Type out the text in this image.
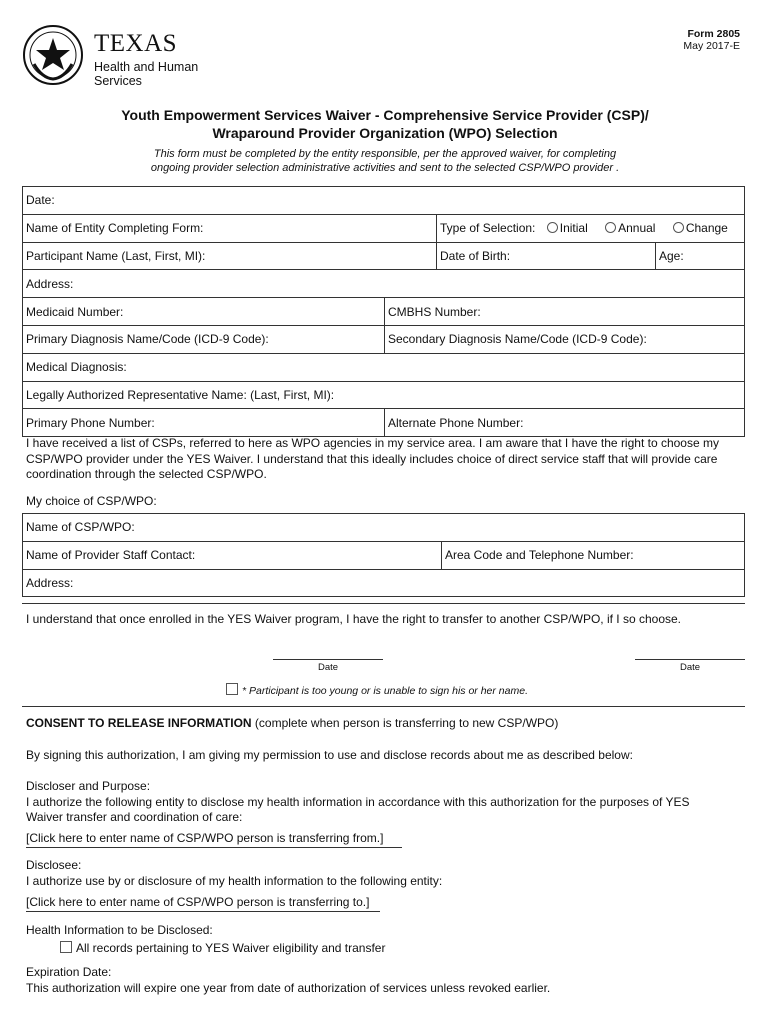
TEXAS
Health and Human
Services
Form 2805
May 2017-E
Youth Empowerment Services Waiver - Comprehensive Service Provider (CSP)/
Wraparound Provider Organization (WPO) Selection
This form must be completed by the entity responsible, per the approved waiver, for completing
ongoing provider selection administrative activities and sent to the selected CSP/WPO provider .
Date:			
Name of Entity Completing Form:		Type of Selection: Initial Annual Change	
Participant Name (Last, First, MI):		Date of Birth:	Age:
Address:			
Medicaid Number:	CMBHS Number:		
Primary Diagnosis Name/Code (ICD-9 Code):	Secondary Diagnosis Name/Code (ICD-9 Code):		
Medical Diagnosis:			
Legally Authorized Representative Name: (Last, First, MI):			
Primary Phone Number:	Alternate Phone Number:		
I have received a list of CSPs, referred to here as WPO agencies in my service area. I am aware that I have the right to choose my
CSP/WPO provider under the YES Waiver. I understand that this ideally includes choice of direct service staff that will provide care
coordination through the selected CSP/WPO.
My choice of CSP/WPO:
Name of CSP/WPO:
Name of Provider Staff Contact:	Area Code and Telephone Number:
Address:
I understand that once enrolled in the YES Waiver program, I have the right to transfer to another CSP/WPO, if I so choose.
Date	Date
* Participant is too young or is unable to sign his or her name.
CONSENT TO RELEASE INFORMATION (complete when person is transferring to new CSP/WPO)
By signing this authorization, I am giving my permission to use and disclose records about me as described below:
Discloser and Purpose:
I authorize the following entity to disclose my health information in accordance with this authorization for the purposes of YES
Waiver transfer and coordination of care:
[Click here to enter name of CSP/WPO person is transferring from.]
Disclosee:
I authorize use by or disclosure of my health information to the following entity:
[Click here to enter name of CSP/WPO person is transferring to.]
Health Information to be Disclosed:
All records pertaining to YES Waiver eligibility and transfer
Expiration Date:
This authorization will expire one year from date of authorization of services unless revoked earlier.
